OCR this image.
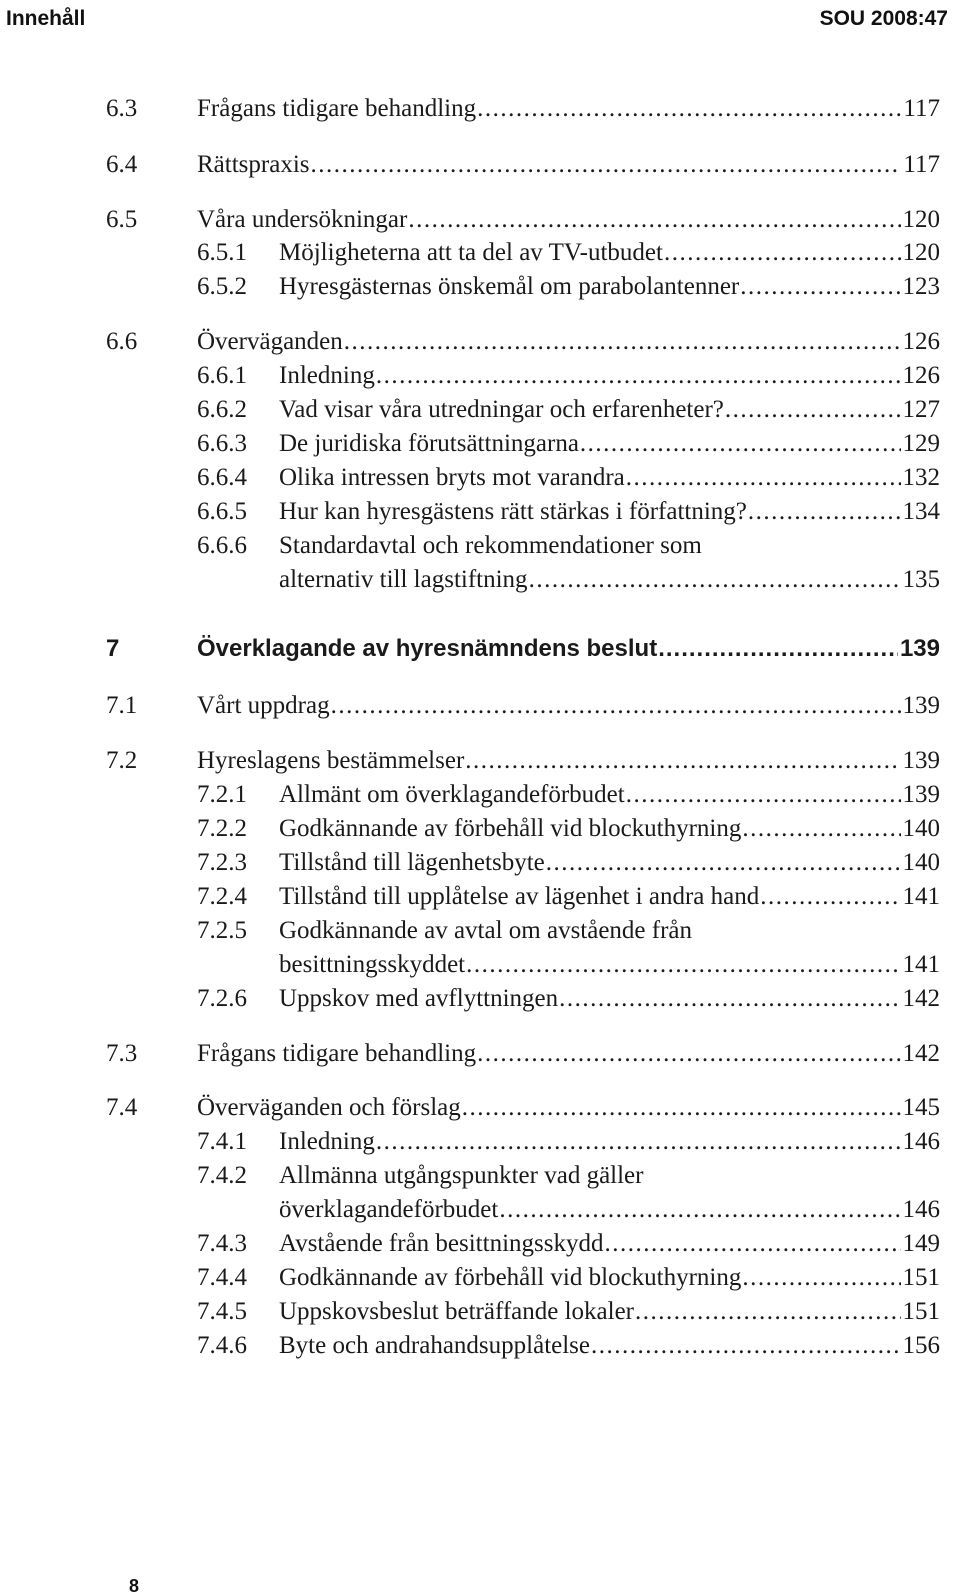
Innehåll	SOU 2008:47
6.3 Frågans tidigare behandling .....	117
6.4 Rättspraxis .....	117
6.5 Våra undersökningar .....	120
6.5.1 Möjligheterna att ta del av TV-utbudet .....	120
6.5.2 Hyresgästernas önskemål om parabolantenner .....	123
6.6 Överväganden .....	126
6.6.1 Inledning .....	126
6.6.2 Vad visar våra utredningar och erfarenheter? .....	127
6.6.3 De juridiska förutsättningarna .....	129
6.6.4 Olika intressen bryts mot varandra .....	132
6.6.5 Hur kan hyresgästens rätt stärkas i författning? .....	134
6.6.6 Standardavtal och rekommendationer som
alternativ till lagstiftning .....	135
7	Överklagande av hyresnämndens beslut .....	139
7.1 Vårt uppdrag .....	139
7.2 Hyreslagens bestämmelser .....	139
7.2.1 Allmänt om överklagandeförbudet .....	139
7.2.2 Godkännande av förbehåll vid blockuthyrning .....	140
7.2.3 Tillstånd till lägenhetsbyte .....	140
7.2.4 Tillstånd till upplåtelse av lägenhet i andra hand .....	141
7.2.5 Godkännande av avtal om avstående från
besittningsskyddet .....	141
7.2.6 Uppskov med avflyttningen .....	142
7.3 Frågans tidigare behandling .....	142
7.4 Överväganden och förslag .....	145
7.4.1 Inledning .....	146
7.4.2 Allmänna utgångspunkter vad gäller
överklagandeförbudet .....	146
7.4.3 Avstående från besittningsskydd .....	149
7.4.4 Godkännande av förbehåll vid blockuthyrning .....	151
7.4.5 Uppskovsbeslut beträffande lokaler .....	151
7.4.6 Byte och andrahandsupplåtelse .....	156
8
